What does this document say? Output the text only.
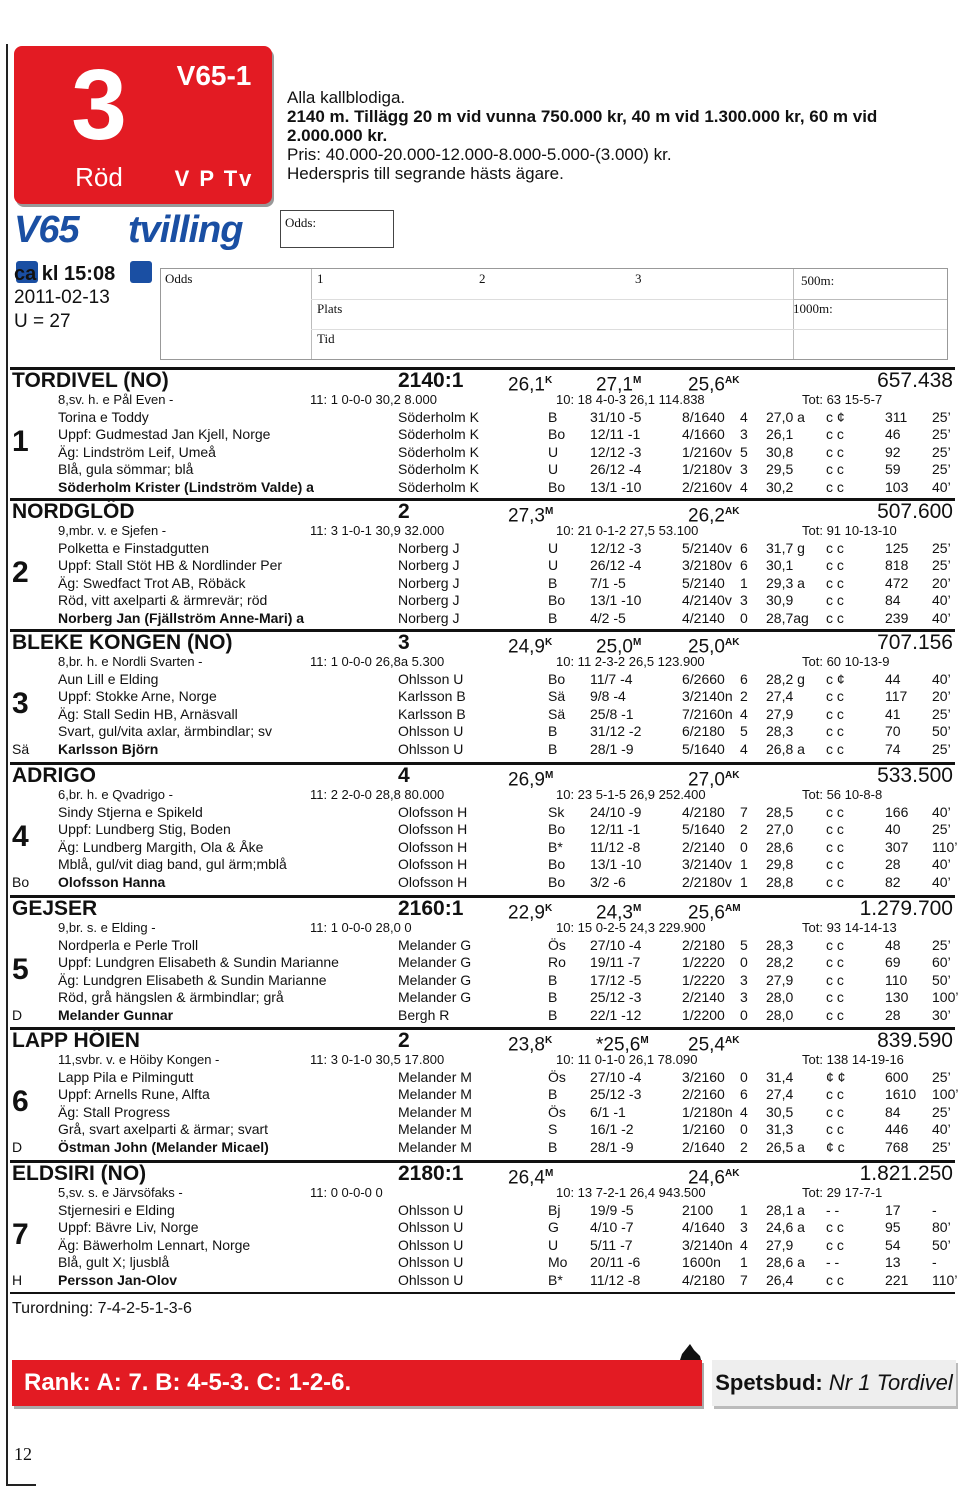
3
Röd
V65-1
V P Tv
Alla kallblodiga.
2140 m. Tillägg 20 m vid vunna 750.000 kr, 40 m vid 1.300.000 kr, 60 m vid
2.000.000 kr.
Pris: 40.000-20.000-12.000-8.000-5.000-(3.000) kr.
Hederspris till segrande hästs ägare.
V65 tvilling	Odds:
ca kl 15:08
2011-02-13
U = 27
Odds	1	2	3	500m:
1000m:
Plats
Tid
TORDIVEL (NO)	2140:1 $26,1^K$ $27,1^M$ $25,6^{AK}$	657.438
8,sv. h. e Pål Even -	11: 1 0-0-0 30,2 8.000	10: 18 4-0-3 26,1 114.838	Tot: 63 15-5-7
Torina e Toddy	Söderholm K	B 31/10 -5	8/1640 4 27,0 a c ¢	311 25’
Uppf: Gudmestad Jan Kjell, Norge	Söderholm K	Bo 12/11 -1	4/1660 3 26,1 c c	46 25’
Äg: Lindström Leif, Umeå	Söderholm K	U 12/12 -3	1/2160v 5 30,8 c c	92 25’
Blå, gula sömmar; blå	Söderholm K	U 26/12 -4	1/2180v 3 29,5 c c	59 25’
Söderholm Krister (Lindström Valde) a	Söderholm K	Bo 13/1 -10	2/2160v 4 30,2 c c	103 40’
1
NORDGLÖD	2	$27,3^M$	$26,2^{AK}$	507.600
9,mbr. v. e Sjefen -	11: 3 1-0-1 30,9 32.000	10: 21 0-1-2 27,5 53.100	Tot: 91 10-13-10
Polketta e Finstadgutten	Norberg J	U 12/12 -3	5/2140v 6 31,7 g c c	125 25’
Uppf: Stall Stöt HB & Nordlinder Per	Norberg J	U 26/12 -4	3/2180v 6 30,1 c c	818 25’
Äg: Swedfact Trot AB, Röbäck	Norberg J	B 7/1 -5	5/2140 1 29,3 a c c	472 20’
Röd, vitt axelparti & ärmrevär; röd	Norberg J	Bo 13/1 -10	4/2140v 3 30,9 c c	84 40’
Norberg Jan (Fjällström Anne-Mari) a	Norberg J	B 4/2 -5	4/2140 0 28,7ag c c	239 40’
2
BLEKE KONGEN (NO)	3	$24,9^K$ $25,0^M$ $25,0^{AK}$	707.156
8,br. h. e Nordli Svarten -	11: 1 0-0-0 26,8a 5.300	10: 11 2-3-2 26,5 123.900	Tot: 60 10-13-9
Aun Lill e Elding	Ohlsson U	Bo 11/7 -4	6/2660 6 28,2 g c ¢	44 40’
Uppf: Stokke Arne, Norge	Karlsson B	Sä 9/8 -4	3/2140n 2 27,4 c c	117 20’
Äg: Stall Sedin HB, Arnäsvall	Karlsson B	Sä 25/8 -1	7/2160n 4 27,9 c c	41 25’
Svart, gul/vita axlar, ärmbindlar; sv	Ohlsson U	B 31/12 -2	6/2180 5 28,3 c c	70 50’
Karlsson Björn	Ohlsson U	B 28/1 -9	5/1640 4 26,8 a c c	74 25’
3
Sä
ADRIGO	4	$26,9^M$	$27,0^{AK}$	533.500
6,br. h. e Qvadrigo -	11: 2 2-0-0 28,8 80.000	10: 23 5-1-5 26,9 252.400	Tot: 56 10-8-8
Sindy Stjerna e Spikeld	Olofsson H	Sk 24/10 -9	4/2180 7 28,5 c c	166 40’
Uppf: Lundberg Stig, Boden	Olofsson H	Bo 12/11 -1	5/1640 2 27,0 c c	40 25’
Äg: Lundberg Margith, Ola & Åke	Olofsson H	B* 11/12 -8	2/2140 0 28,6 c c	307 110’
Mblå, gul/vit diag band, gul ärm;mblå	Olofsson H	Bo 13/1 -10	3/2140v 1 29,8 c c	28 40’
Olofsson Hanna	Olofsson H	Bo 3/2 -6	2/2180v 1 28,8 c c	82 40’
4
Bo
GEJSER	2160:1 $22,9^K$ $24,3^M$ $25,6^{AM}$	1.279.700
9,br. s. e Elding -	11: 1 0-0-0 28,0 0	10: 15 0-2-5 24,3 229.900	Tot: 93 14-14-13
Nordperla e Perle Troll	Melander G	Ös 27/10 -4	2/2180 5 28,3 c c	48 25’
Uppf: Lundgren Elisabeth & Sundin Marianne	Melander G	Ro 19/11 -7	1/2220 0 28,2 c c	69 60’
Äg: Lundgren Elisabeth & Sundin Marianne	Melander G	B 17/12 -5	1/2220 3 27,9 c c	110 50’
Röd, grå hängslen & ärmbindlar; grå	Melander G	B 25/12 -3	2/2140 3 28,0 c c	130 100’
Melander Gunnar	Bergh R	B 22/1 -12	1/2200 0 28,0 c c	28 30’
5
D
LAPP HÖIEN	2	$23,8^K$ $*25,6^M$ $25,4^{AK}$	839.590
11,svbr. v. e Höiby Kongen -	11: 3 0-1-0 30,5 17.800	10: 11 0-1-0 26,1 78.090	Tot: 138 14-19-16
Lapp Pila e Pilmingutt	Melander M	Ös 27/10 -4	3/2160 0 31,4 ¢ ¢	600 25’
Uppf: Arnells Rune, Alfta	Melander M	B 25/12 -3	2/2160 6 27,4 c c	1610 100’
Äg: Stall Progress	Melander M	Ös 6/1 -1	1/2180n 4 30,5 c c	84 25’
Grå, svart axelparti & ärmar; svart	Melander M	S 16/1 -2	1/2160 0 31,3 c c	446 40’
Östman John (Melander Micael)	Melander M	B 28/1 -9	2/1640 2 26,5 a ¢ c	768 25’
6
D
ELDSIRI (NO)	2180:1 $26,4^M$	$24,6^{AK}$	1.821.250
5,sv. s. e Järvsöfaks -	11: 0 0-0-0 0	10: 13 7-2-1 26,4 943.500	Tot: 29 17-7-1
Stjernesiri e Elding	Ohlsson U	Bj 19/9 -5	2100 1 28,1 a - -	17 -
Uppf: Bävre Liv, Norge	Ohlsson U	G 4/10 -7	4/1640 3 24,6 a c c	95 80’
Äg: Bäwerholm Lennart, Norge	Ohlsson U	U 5/11 -7	3/2140n 4 27,9 c c	54 50’
Blå, gult X; ljusblå	Ohlsson U	Mo 20/11 -6	1600n 1 28,6 a - -	13 -
Persson Jan-Olov	Ohlsson U	B* 11/12 -8	4/2180 7 26,4 c c	221 110’
7
H
Turordning: 7-4-2-5-1-3-6
Rank: A: 7. B: 4-5-3. C: 1-2-6.	Spetsbud: Nr 1 Tordivel
12
